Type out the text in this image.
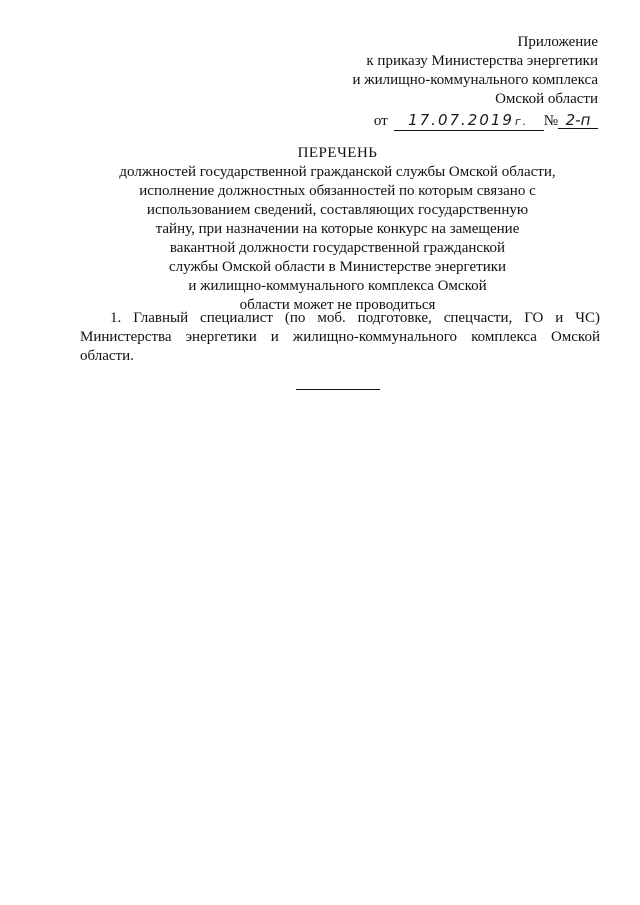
Приложение
к приказу Министерства энергетики
и жилищно-коммунального комплекса
Омской области
от 17.07.2019г. № 2-п
ПЕРЕЧЕНЬ
должностей государственной гражданской службы Омской области,
исполнение должностных обязанностей по которым связано с
использованием сведений, составляющих государственную
тайну, при назначении на которые конкурс на замещение
вакантной должности государственной гражданской
службы Омской области в Министерстве энергетики
и жилищно-коммунального комплекса Омской
области может не проводиться
1. Главный специалист (по моб. подготовке, спецчасти, ГО и ЧС)
Министерства энергетики и жилищно-коммунального комплекса Омской
области.
